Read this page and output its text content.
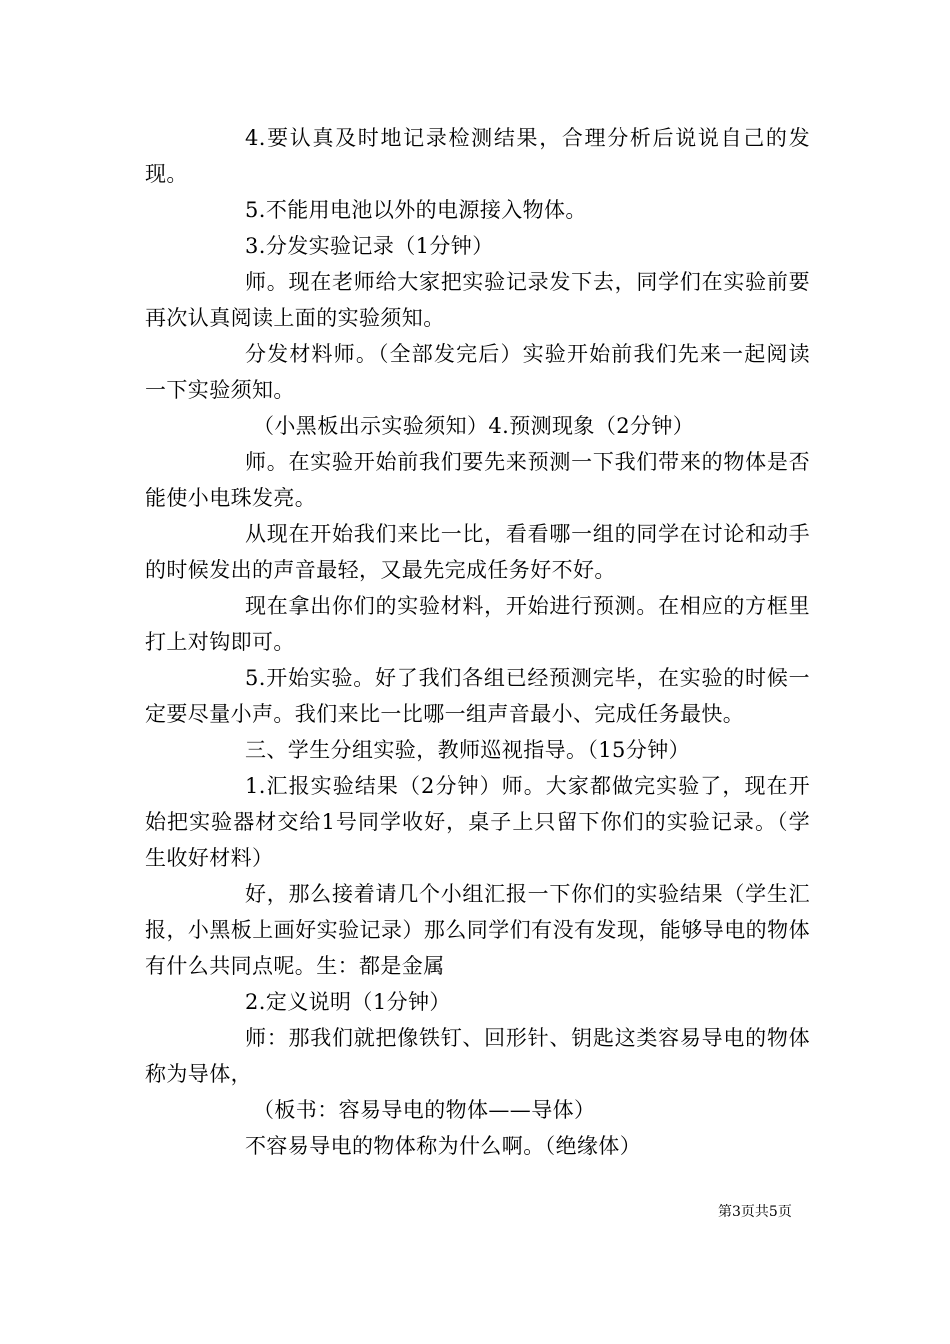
4.要认真及时地记录检测结果，合理分析后说说自己的发现。

5.不能用电池以外的电源接入物体。

3.分发实验记录（1分钟）

师。现在老师给大家把实验记录发下去，同学们在实验前要再次认真阅读上面的实验须知。

分发材料师。（全部发完后）实验开始前我们先来一起阅读一下实验须知。

（小黑板出示实验须知）4.预测现象（2分钟）

师。在实验开始前我们要先来预测一下我们带来的物体是否能使小电珠发亮。

从现在开始我们来比一比，看看哪一组的同学在讨论和动手的时候发出的声音最轻，又最先完成任务好不好。

现在拿出你们的实验材料，开始进行预测。在相应的方框里打上对钩即可。

5.开始实验。好了我们各组已经预测完毕，在实验的时候一定要尽量小声。我们来比一比哪一组声音最小、完成任务最快。

三、学生分组实验，教师巡视指导。（15分钟）

1.汇报实验结果（2分钟）师。大家都做完实验了，现在开始把实验器材交给1号同学收好，桌子上只留下你们的实验记录。（学生收好材料）

好，那么接着请几个小组汇报一下你们的实验结果（学生汇报，小黑板上画好实验记录）那么同学们有没有发现，能够导电的物体有什么共同点呢。生：都是金属

2.定义说明（1分钟）

师：那我们就把像铁钉、回形针、钥匙这类容易导电的物体称为导体，

（板书：容易导电的物体——导体）

不容易导电的物体称为什么啊。（绝缘体）

第3页共5页
